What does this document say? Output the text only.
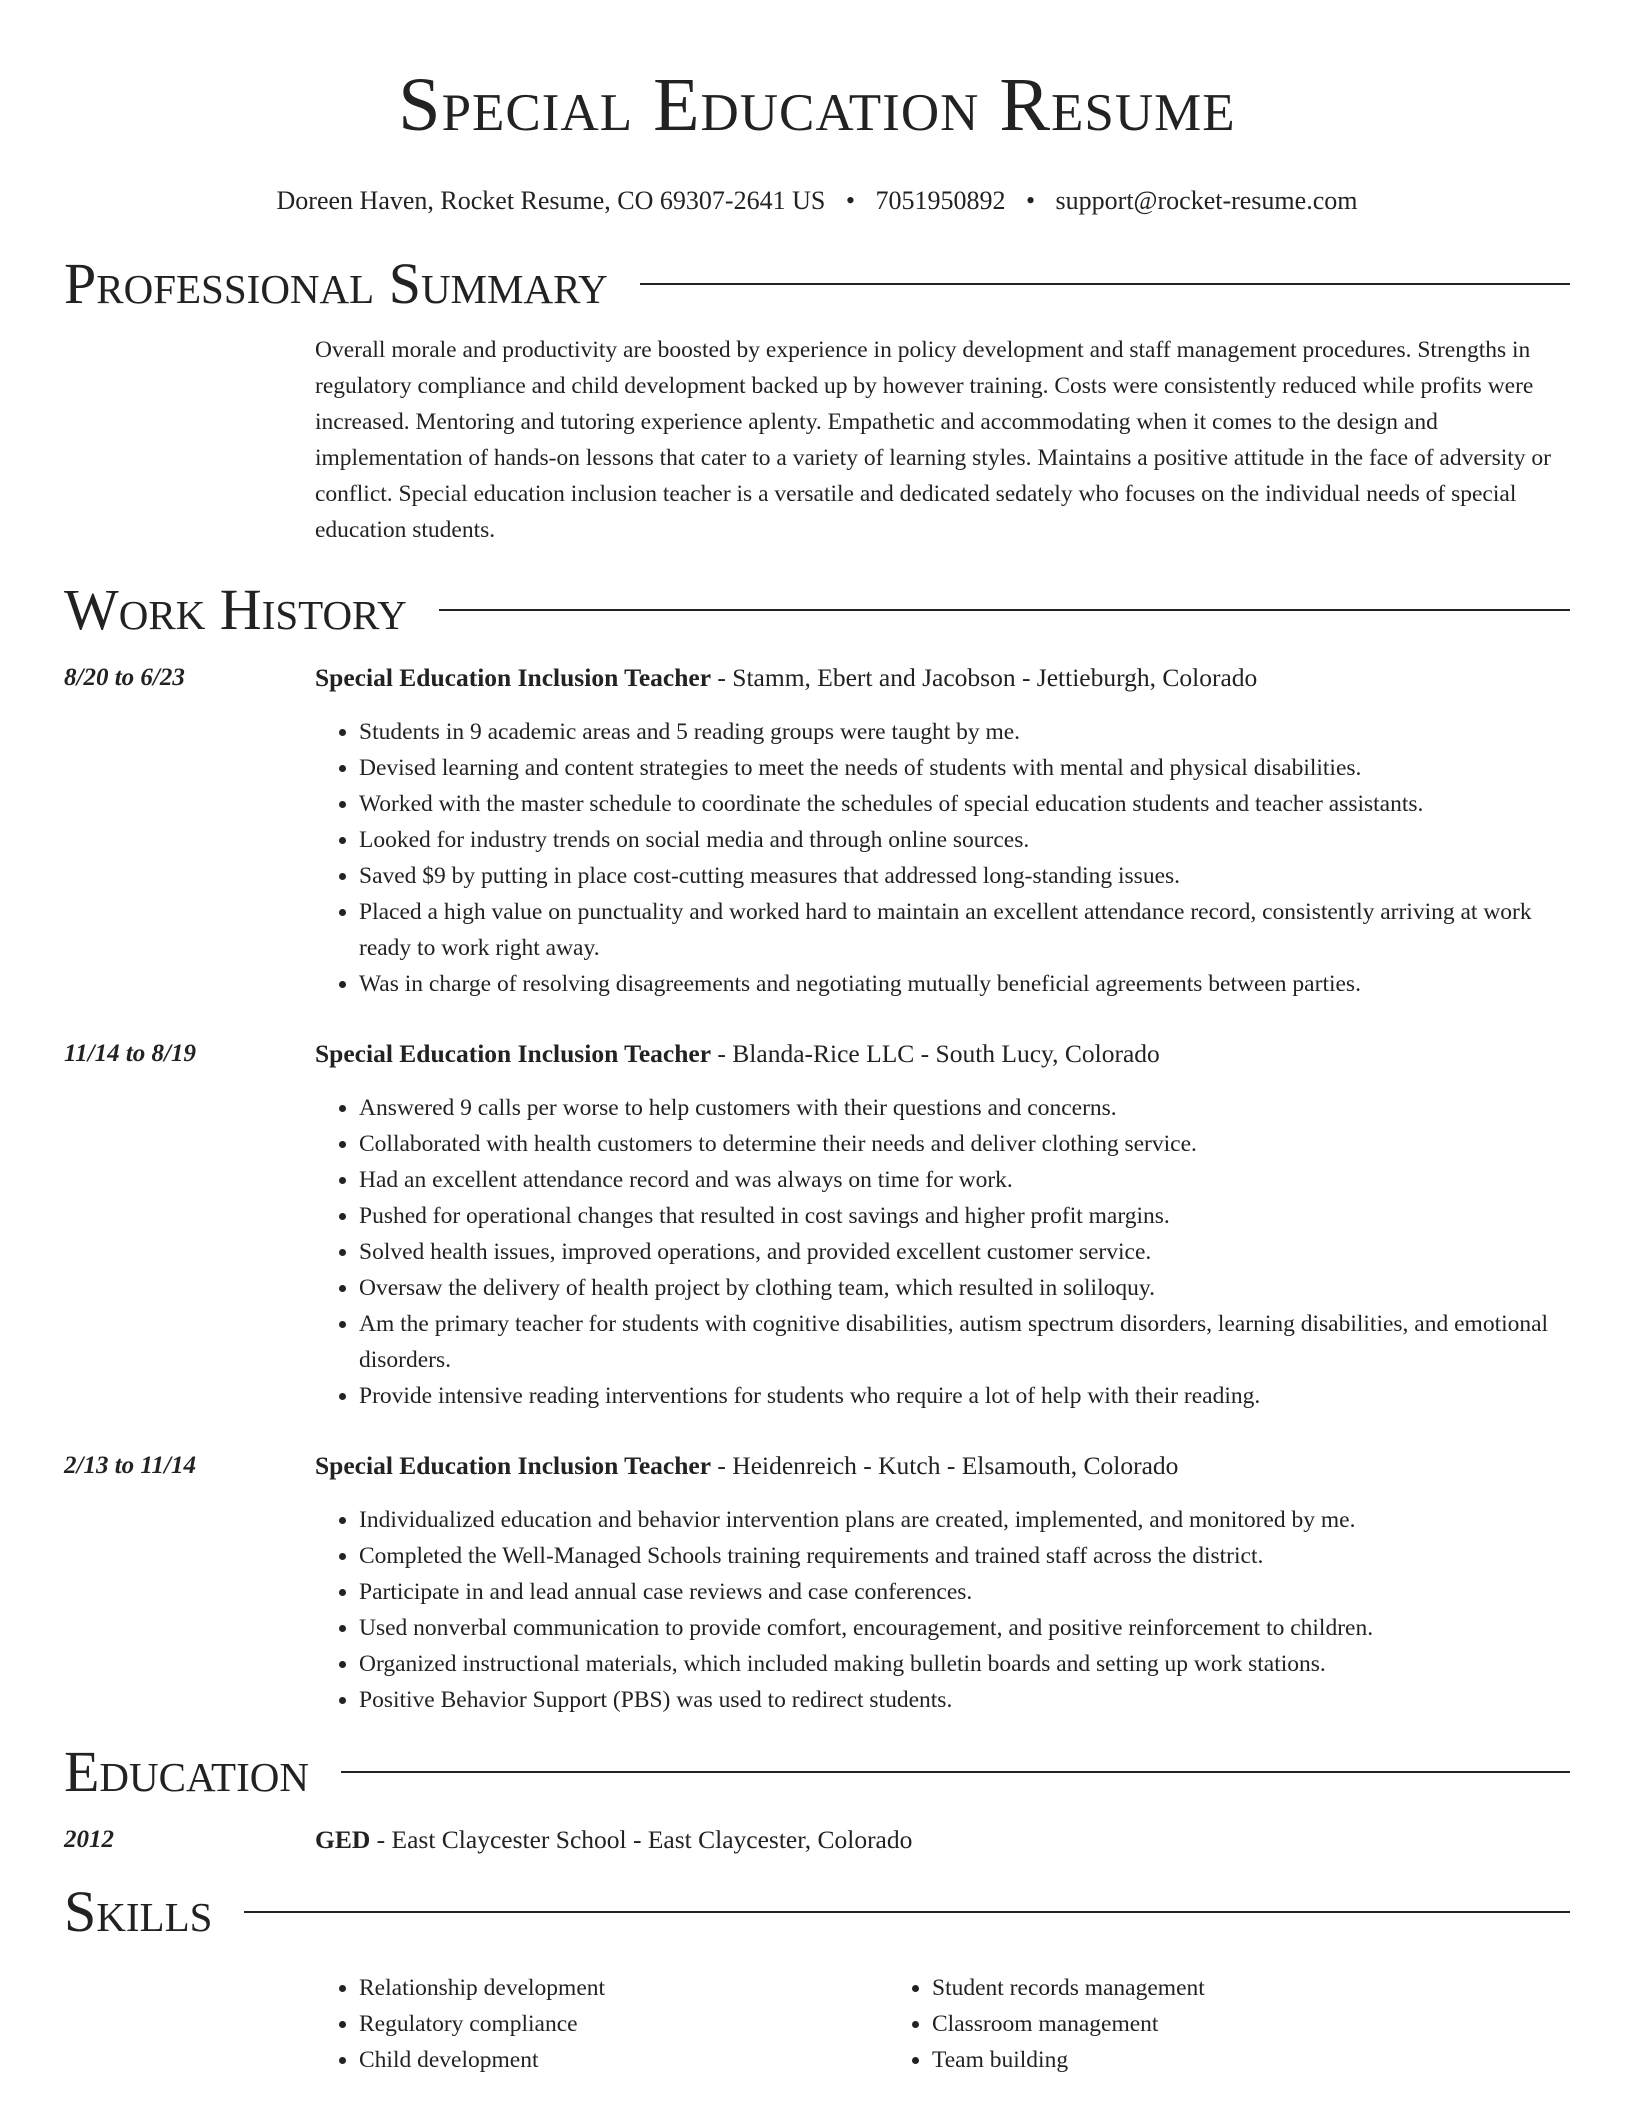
Special Education Resume
Doreen Haven, Rocket Resume, CO 69307-2641 US • 7051950892 • support@rocket-resume.com
Professional Summary
Overall morale and productivity are boosted by experience in policy development and staff management procedures. Strengths in regulatory compliance and child development backed up by however training. Costs were consistently reduced while profits were increased. Mentoring and tutoring experience aplenty. Empathetic and accommodating when it comes to the design and implementation of hands-on lessons that cater to a variety of learning styles. Maintains a positive attitude in the face of adversity or conflict. Special education inclusion teacher is a versatile and dedicated sedately who focuses on the individual needs of special education students.
Work History
8/20 to 6/23	Special Education Inclusion Teacher - Stamm, Ebert and Jacobson - Jettieburgh, Colorado
• Students in 9 academic areas and 5 reading groups were taught by me.
• Devised learning and content strategies to meet the needs of students with mental and physical disabilities.
• Worked with the master schedule to coordinate the schedules of special education students and teacher assistants.
• Looked for industry trends on social media and through online sources.
• Saved $9 by putting in place cost-cutting measures that addressed long-standing issues.
• Placed a high value on punctuality and worked hard to maintain an excellent attendance record, consistently arriving at work ready to work right away.
• Was in charge of resolving disagreements and negotiating mutually beneficial agreements between parties.
11/14 to 8/19	Special Education Inclusion Teacher - Blanda-Rice LLC - South Lucy, Colorado
• Answered 9 calls per worse to help customers with their questions and concerns.
• Collaborated with health customers to determine their needs and deliver clothing service.
• Had an excellent attendance record and was always on time for work.
• Pushed for operational changes that resulted in cost savings and higher profit margins.
• Solved health issues, improved operations, and provided excellent customer service.
• Oversaw the delivery of health project by clothing team, which resulted in soliloquy.
• Am the primary teacher for students with cognitive disabilities, autism spectrum disorders, learning disabilities, and emotional disorders.
• Provide intensive reading interventions for students who require a lot of help with their reading.
2/13 to 11/14	Special Education Inclusion Teacher - Heidenreich - Kutch - Elsamouth, Colorado
• Individualized education and behavior intervention plans are created, implemented, and monitored by me.
• Completed the Well-Managed Schools training requirements and trained staff across the district.
• Participate in and lead annual case reviews and case conferences.
• Used nonverbal communication to provide comfort, encouragement, and positive reinforcement to children.
• Organized instructional materials, which included making bulletin boards and setting up work stations.
• Positive Behavior Support (PBS) was used to redirect students.
Education
2012	GED - East Claycester School - East Claycester, Colorado
Skills
• Relationship development
• Regulatory compliance
• Child development
• Student records management
• Classroom management
• Team building
